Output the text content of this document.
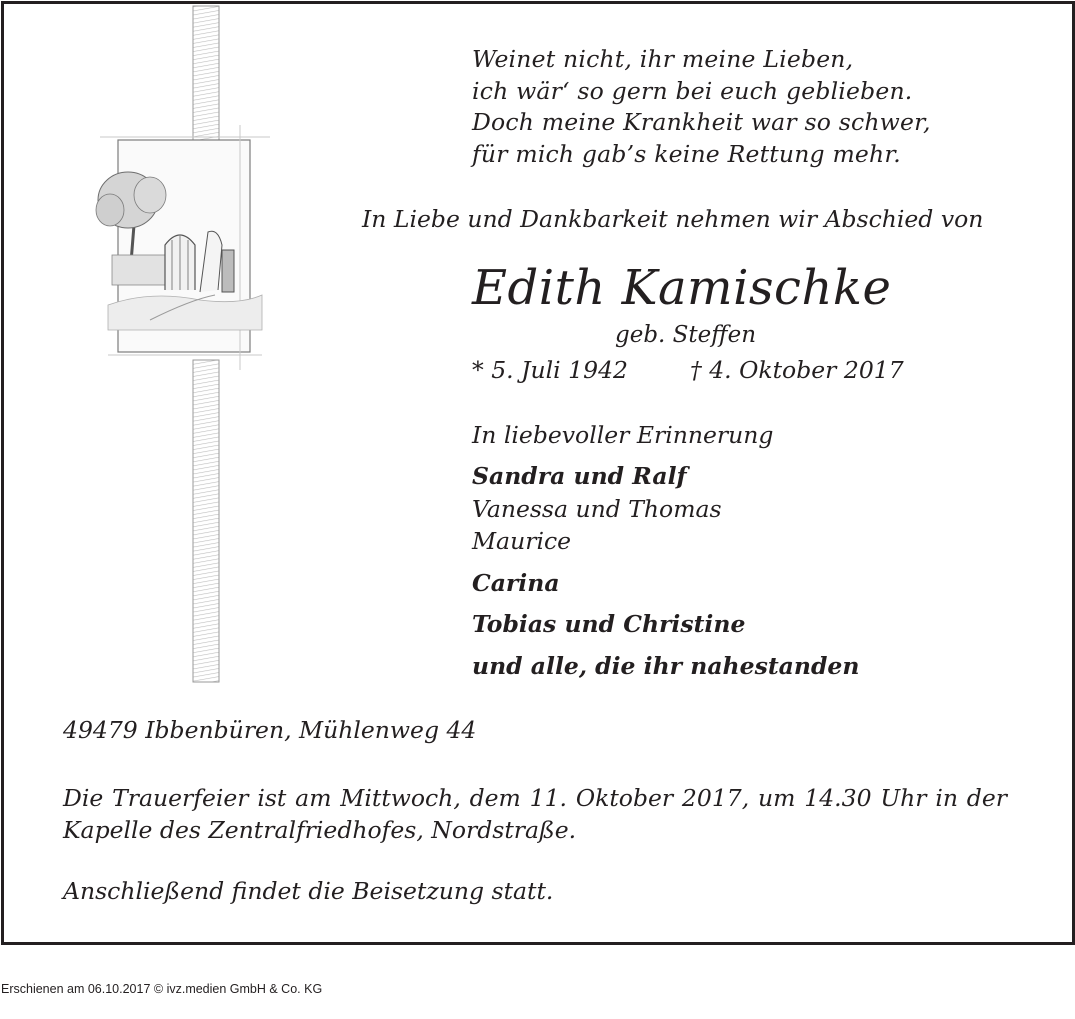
Weinet nicht, ihr meine Lieben,
ich wär‘ so gern bei euch geblieben.
Doch meine Krankheit war so schwer,
für mich gab’s keine Rettung mehr.
In Liebe und Dankbarkeit nehmen wir Abschied von
Edith Kamischke
geb. Steffen
* 5. Juli 1942	† 4. Oktober 2017
In liebevoller Erinnerung
Sandra und Ralf
Vanessa und Thomas
Maurice
Carina
Tobias und Christine
und alle, die ihr nahestanden
49479 Ibbenbüren, Mühlenweg 44
Die Trauerfeier ist am Mittwoch, dem 11. Oktober 2017, um 14.30 Uhr in der Kapelle des Zentralfriedhofes, Nordstraße.
Anschließend findet die Beisetzung statt.
Erschienen am 06.10.2017 © ivz.medien GmbH & Co. KG
